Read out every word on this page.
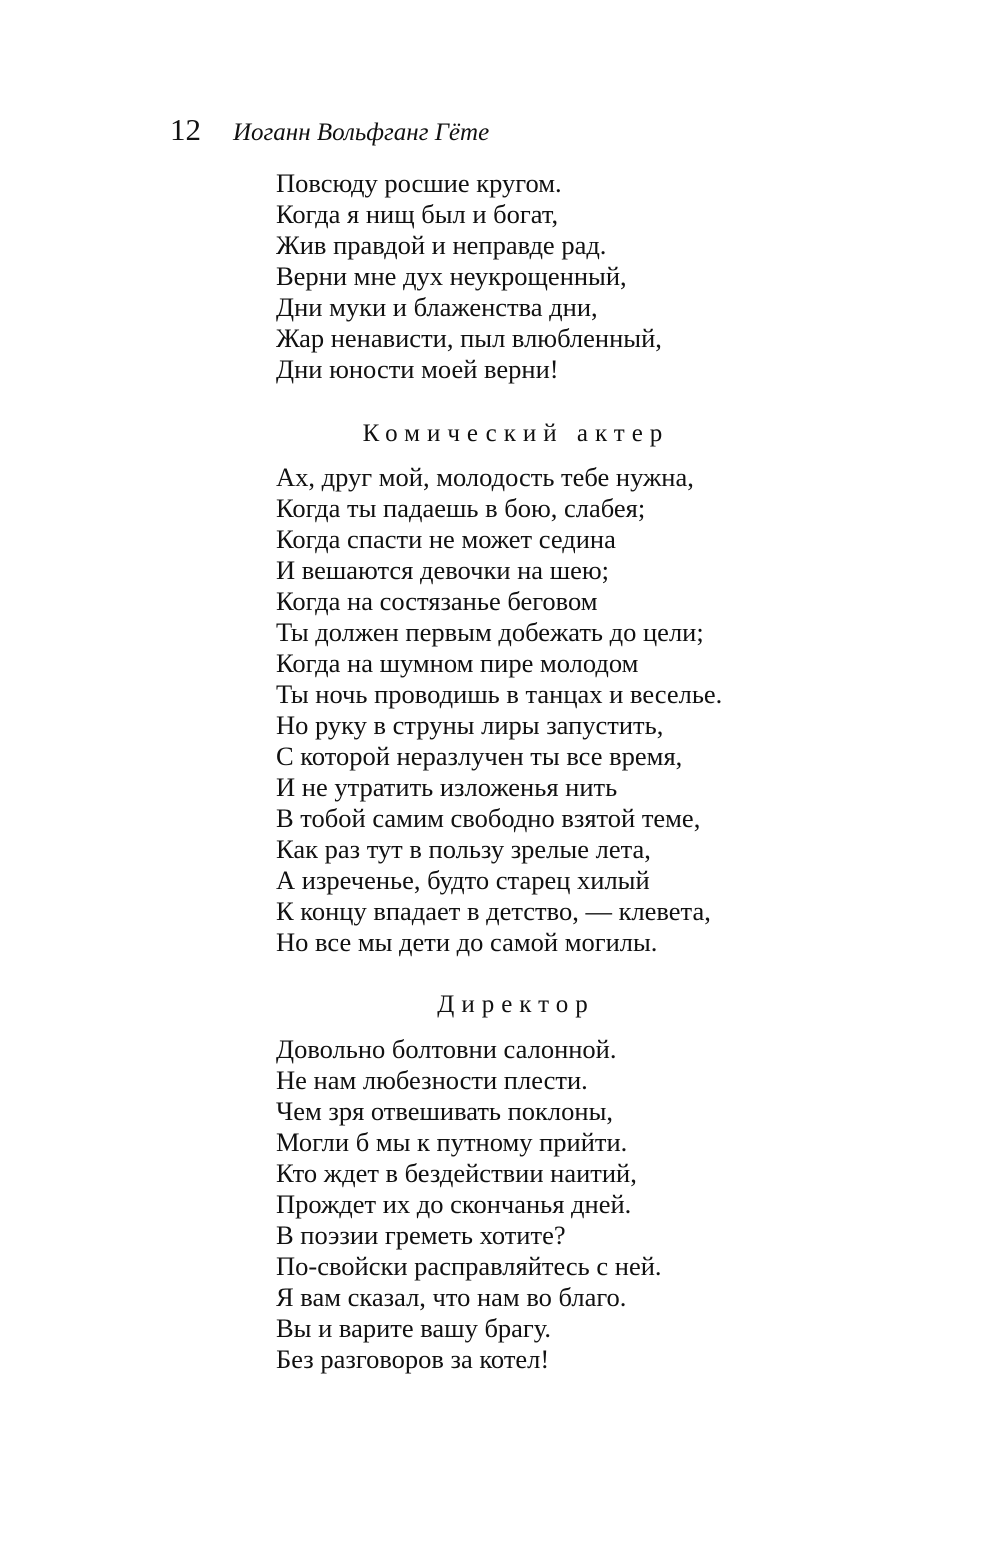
12 Иоганн Вольфганг Гёте
Повсюду росшие кругом.
Когда я нищ был и богат,
Жив правдой и неправде рад.
Верни мне дух неукрощенный,
Дни муки и блаженства дни,
Жар ненависти, пыл влюбленный,
Дни юности моей верни!
Комический актер
Ах, друг мой, молодость тебе нужна,
Когда ты падаешь в бою, слабея;
Когда спасти не может седина
И вешаются девочки на шею;
Когда на состязанье беговом
Ты должен первым добежать до цели;
Когда на шумном пире молодом
Ты ночь проводишь в танцах и веселье.
Но руку в струны лиры запустить,
С которой неразлучен ты все время,
И не утратить изложенья нить
В тобой самим свободно взятой теме,
Как раз тут в пользу зрелые лета,
А изреченье, будто старец хилый
К концу впадает в детство, — клевета,
Но все мы дети до самой могилы.
Директор
Довольно болтовни салонной.
Не нам любезности плести.
Чем зря отвешивать поклоны,
Могли б мы к путному прийти.
Кто ждет в бездействии наитий,
Прождет их до скончанья дней.
В поэзии греметь хотите?
По-свойски расправляйтесь с ней.
Я вам сказал, что нам во благо.
Вы и варите вашу брагу.
Без разговоров за котел!
